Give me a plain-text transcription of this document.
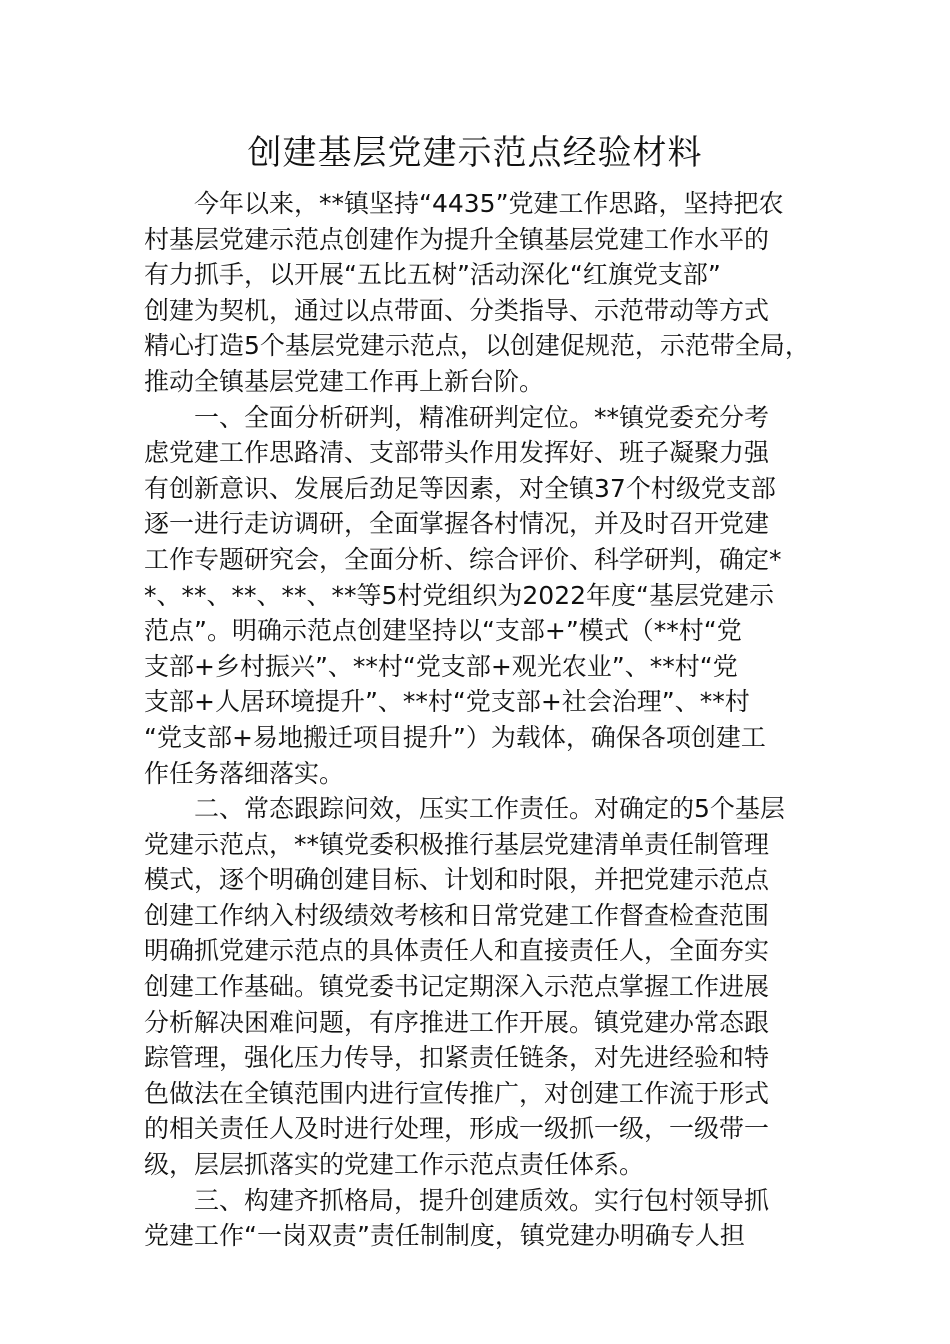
创建基层党建示范点经验材料
今年以来，**镇坚持“4435”党建工作思路，坚持把农
村基层党建示范点创建作为提升全镇基层党建工作水平的
有力抓手，以开展“五比五树”活动深化“红旗党支部”
创建为契机，通过以点带面、分类指导、示范带动等方式
精心打造5个基层党建示范点，以创建促规范，示范带全局，
推动全镇基层党建工作再上新台阶。
一、全面分析研判，精准研判定位。**镇党委充分考
虑党建工作思路清、支部带头作用发挥好、班子凝聚力强
有创新意识、发展后劲足等因素，对全镇37个村级党支部
逐一进行走访调研，全面掌握各村情况，并及时召开党建
工作专题研究会，全面分析、综合评价、科学研判，确定*
*、**、**、**、**等5村党组织为2022年度“基层党建示
范点”。明确示范点创建坚持以“支部+”模式（**村“党
支部+乡村振兴”、**村“党支部+观光农业”、**村“党
支部+人居环境提升”、**村“党支部+社会治理”、**村
“党支部+易地搬迁项目提升”）为载体，确保各项创建工
作任务落细落实。
二、常态跟踪问效，压实工作责任。对确定的5个基层
党建示范点，**镇党委积极推行基层党建清单责任制管理
模式，逐个明确创建目标、计划和时限，并把党建示范点
创建工作纳入村级绩效考核和日常党建工作督查检查范围
明确抓党建示范点的具体责任人和直接责任人，全面夯实
创建工作基础。镇党委书记定期深入示范点掌握工作进展
分析解决困难问题，有序推进工作开展。镇党建办常态跟
踪管理，强化压力传导，扣紧责任链条，对先进经验和特
色做法在全镇范围内进行宣传推广，对创建工作流于形式
的相关责任人及时进行处理，形成一级抓一级，一级带一
级，层层抓落实的党建工作示范点责任体系。
三、构建齐抓格局，提升创建质效。实行包村领导抓
党建工作“一岗双责”责任制制度，镇党建办明确专人担
